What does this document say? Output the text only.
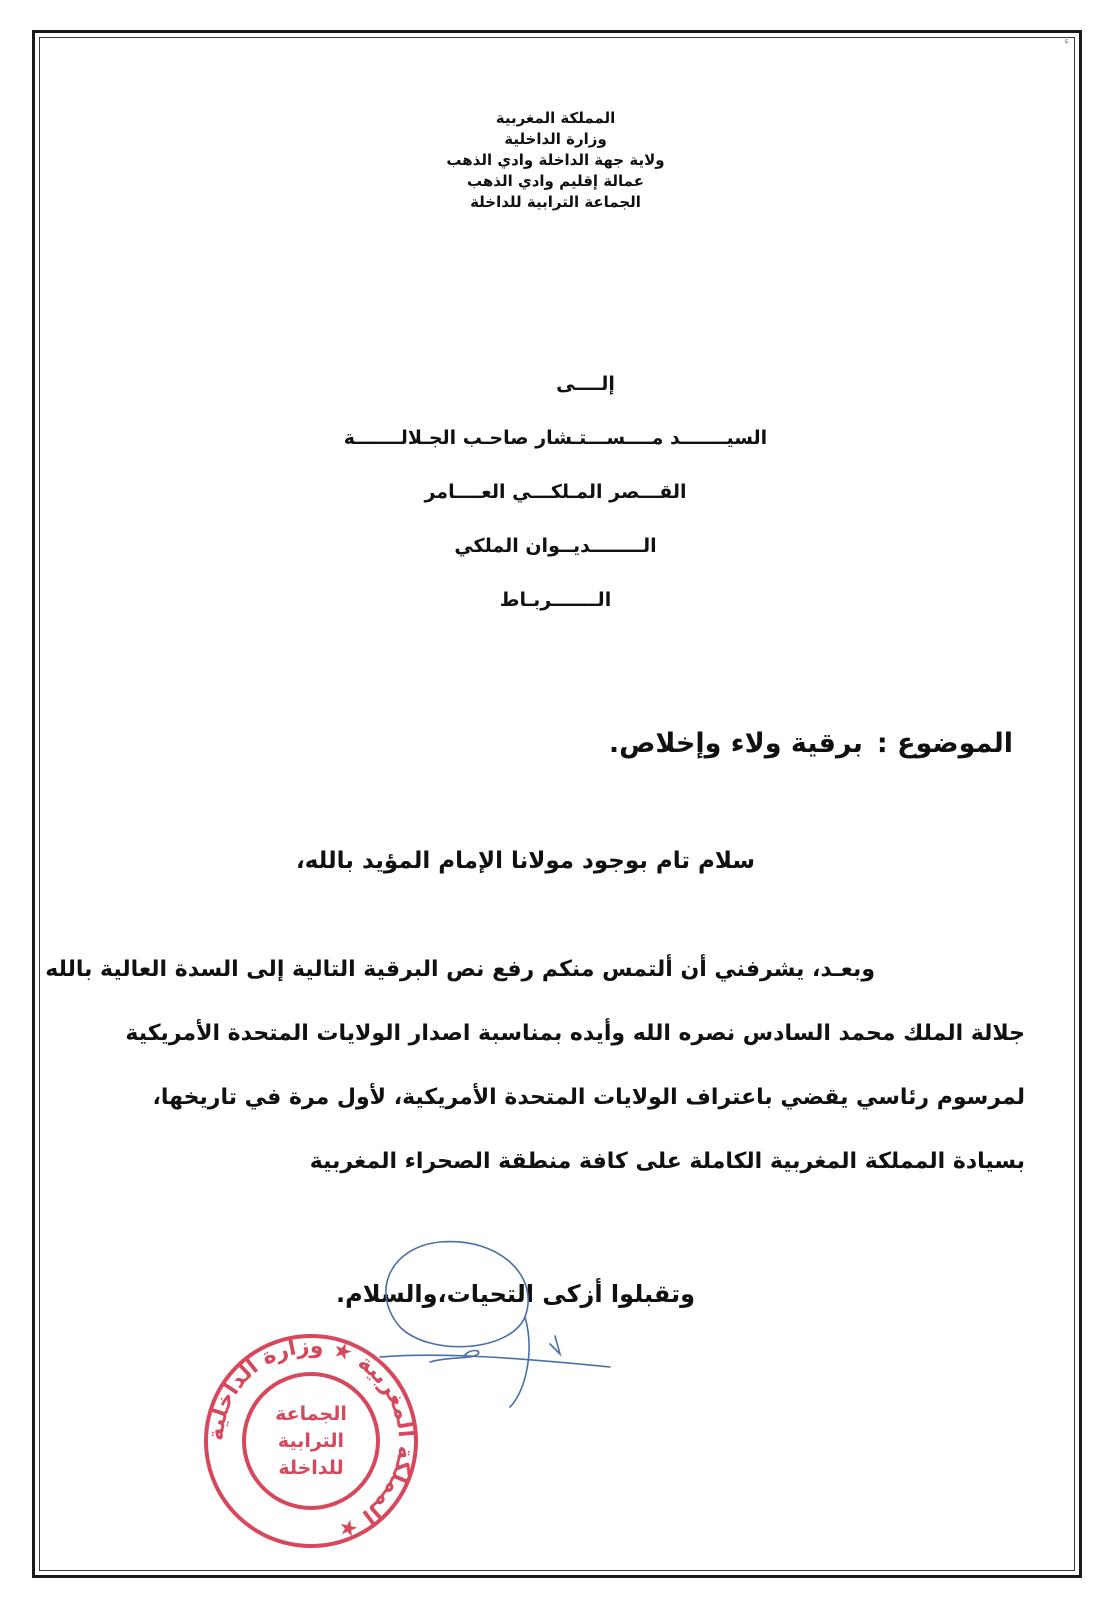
ء
المملكة المغربية
وزارة الداخلية
ولاية جهة الداخلة وادي الذهب
عمالة إقليم وادي الذهب
الجماعة الترابية للداخلة
إلــــى
السيـــــــد مــــســـتـشار صاحـب الجـلالـــــــة
القـــصر المـلكـــي العــــامر
الــــــــديــوان الملكي
الـــــــربـاط
الموضوع :برقية ولاء وإخلاص.
سلام تام بوجود مولانا الإمام المؤيد بالله،

وبعـد، يشرفني أن ألتمس منكم رفع نص البرقية التالية إلى السدة العالية بالله

جلالة الملك محمد السادس نصره الله وأيده بمناسبة اصدار الولايات المتحدة الأمريكية

لمرسوم رئاسي يقضي باعتراف الولايات المتحدة الأمريكية، لأول مرة في تاريخها،

بسيادة المملكة المغربية الكاملة على كافة منطقة الصحراء المغربية

وتقبلوا أزكى التحيات،والسلام.
المملكة المغربية ★ وزارة الداخلية ★
الجماعة
الترابية
للداخلة
